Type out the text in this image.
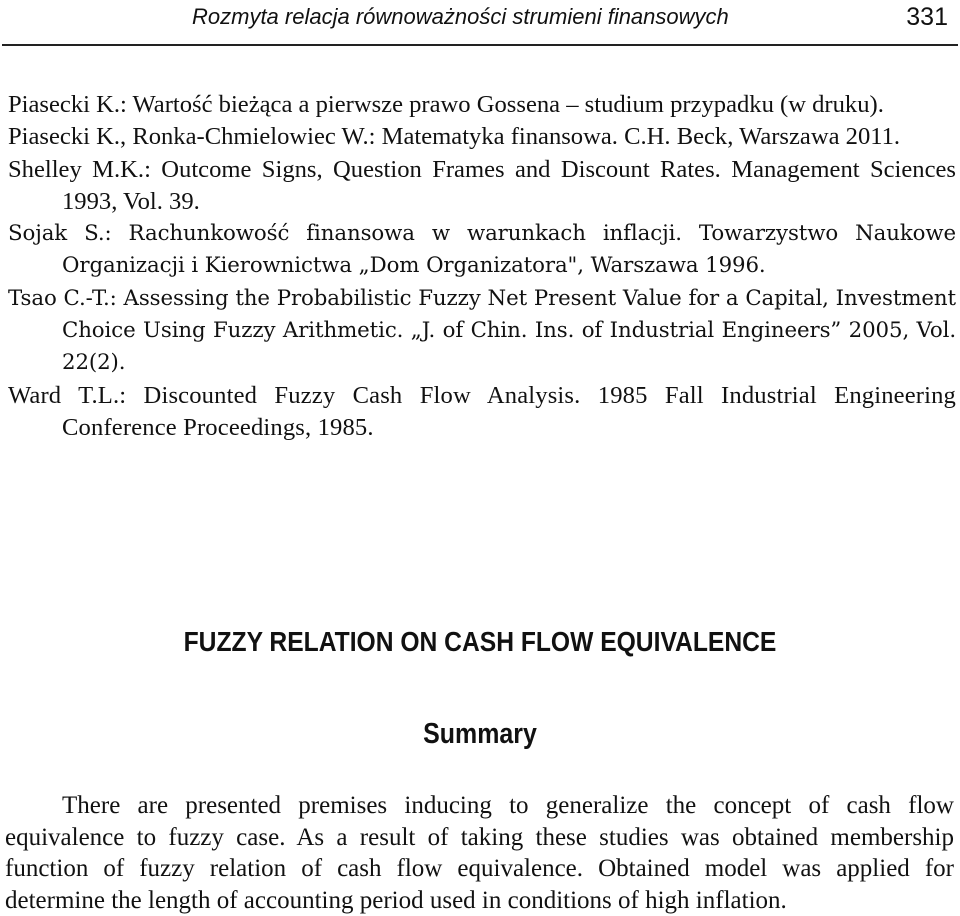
Rozmyta relacja równoważności strumieni finansowych	331
Piasecki K.: Wartość bieżąca a pierwsze prawo Gossena – studium przypadku (w druku).
Piasecki K., Ronka-Chmielowiec W.: Matematyka finansowa. C.H. Beck, Warszawa 2011.
Shelley M.K.: Outcome Signs, Question Frames and Discount Rates. Management Sciences 1993, Vol. 39.
Sojak S.: Rachunkowość finansowa w warunkach inflacji. Towarzystwo Naukowe Organizacji i Kierownictwa „Dom Organizatora", Warszawa 1996.
Tsao C.-T.: Assessing the Probabilistic Fuzzy Net Present Value for a Capital, Investment Choice Using Fuzzy Arithmetic. „J. of Chin. Ins. of Industrial Engineers” 2005, Vol. 22(2).
Ward T.L.: Discounted Fuzzy Cash Flow Analysis. 1985 Fall Industrial Engineering Conference Proceedings, 1985.
FUZZY RELATION ON CASH FLOW EQUIVALENCE
Summary

There are presented premises inducing to generalize the concept of cash flow equivalence to fuzzy case. As a result of taking these studies was obtained membership function of fuzzy relation of cash flow equivalence. Obtained model was applied for determine the length of accounting period used in conditions of high inflation.
